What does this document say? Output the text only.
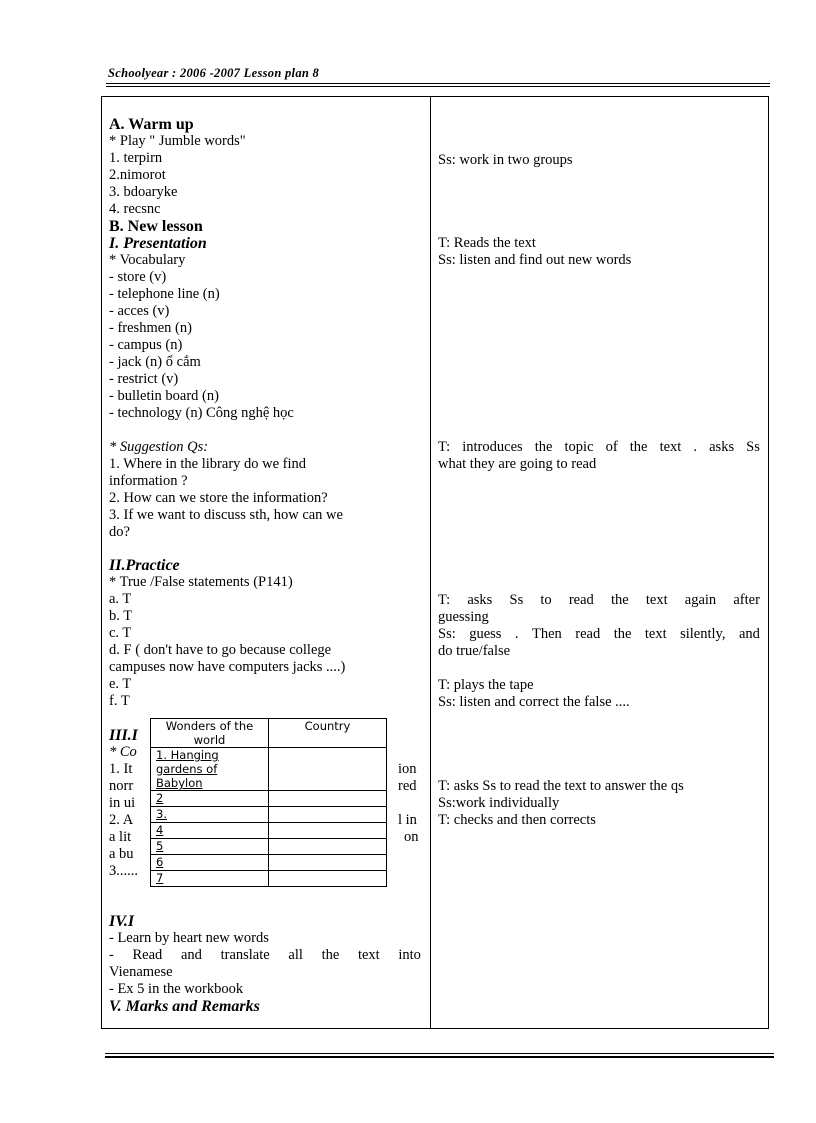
Schoolyear : 2006 -2007 Lesson plan 8
A. Warm up
* Play " Jumble words"
1. terpirn
2.nimorot
3. bdoaryke
4. recsnc
B. New lesson
I. Presentation
* Vocabulary
- store (v)
- telephone line (n)
- acces (v)
- freshmen (n)
- campus (n)
- jack (n) ổ cắm
- restrict (v)
- bulletin board (n)
- technology (n) Công nghệ học
* Suggestion Qs:
1. Where in the library do we find
information ?
2. How can we store the information?
3. If we want to discuss sth, how can we
do?
II.Practice
* True /False statements (P141)
a. T
b. T
c. T
d. F ( don't have to go because college
campuses now have computers jacks ....)
e. T
f. T
III.I
* Co
1. It	ion
norr	red
in ui
2. A	l in
a lit	on
a bu
3......
Wonders of the world	Country
1. Hanging gardens of Babylon	
2	
3.	
4	
5	
6	
7	
IV.I
- Learn by heart new words
- Read and translate all the text into
Vienamese
- Ex 5 in the workbook
V. Marks and Remarks
Ss: work in two groups
T: Reads the text
Ss: listen and find out new words
T: introduces the topic of the text . asks Ss
what they are going to read
T: asks Ss to read the text again after
guessing
Ss: guess . Then read the text silently, and
do true/false
T: plays the tape
Ss: listen and correct the false ....
T: asks Ss to read the text to answer the qs
Ss:work individually
T: checks and then corrects
